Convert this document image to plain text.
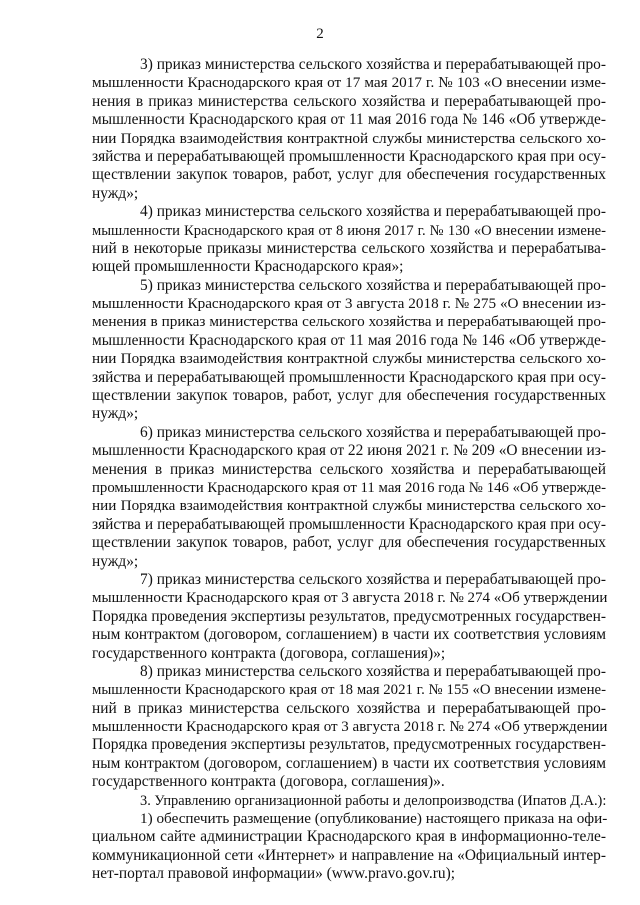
2
3) приказ министерства сельского хозяйства и перерабатывающей про-
мышленности Краснодарского края от 17 мая 2017 г. № 103 «О внесении изме-
нения в приказ министерства сельского хозяйства и перерабатывающей про-
мышленности Краснодарского края от 11 мая 2016 года № 146 «Об утвержде-
нии Порядка взаимодействия контрактной службы министерства сельского хо-
зяйства и перерабатывающей промышленности Краснодарского края при осу-
ществлении закупок товаров, работ, услуг для обеспечения государственных
нужд»;
4) приказ министерства сельского хозяйства и перерабатывающей про-
мышленности Краснодарского края от 8 июня 2017 г. № 130 «О внесении измене-
ний в некоторые приказы министерства сельского хозяйства и перерабатыва-
ющей промышленности Краснодарского края»;
5) приказ министерства сельского хозяйства и перерабатывающей про-
мышленности Краснодарского края от 3 августа 2018 г. № 275 «О внесении из-
менения в приказ министерства сельского хозяйства и перерабатывающей про-
мышленности Краснодарского края от 11 мая 2016 года № 146 «Об утвержде-
нии Порядка взаимодействия контрактной службы министерства сельского хо-
зяйства и перерабатывающей промышленности Краснодарского края при осу-
ществлении закупок товаров, работ, услуг для обеспечения государственных
нужд»;
6) приказ министерства сельского хозяйства и перерабатывающей про-
мышленности Краснодарского края от 22 июня 2021 г. № 209 «О внесении из-
менения в приказ министерства сельского хозяйства и перерабатывающей
промышленности Краснодарского края от 11 мая 2016 года № 146 «Об утвержде-
нии Порядка взаимодействия контрактной службы министерства сельского хо-
зяйства и перерабатывающей промышленности Краснодарского края при осу-
ществлении закупок товаров, работ, услуг для обеспечения государственных
нужд»;
7) приказ министерства сельского хозяйства и перерабатывающей про-
мышленности Краснодарского края от 3 августа 2018 г. № 274 «Об утверждении
Порядка проведения экспертизы результатов, предусмотренных государствен-
ным контрактом (договором, соглашением) в части их соответствия условиям
государственного контракта (договора, соглашения)»;
8) приказ министерства сельского хозяйства и перерабатывающей про-
мышленности Краснодарского края от 18 мая 2021 г. № 155 «О внесении измене-
ний в приказ министерства сельского хозяйства и перерабатывающей про-
мышленности Краснодарского края от 3 августа 2018 г. № 274 «Об утверждении
Порядка проведения экспертизы результатов, предусмотренных государствен-
ным контрактом (договором, соглашением) в части их соответствия условиям
государственного контракта (договора, соглашения)».
3. Управлению организационной работы и делопроизводства (Ипатов Д.А.):
1) обеспечить размещение (опубликование) настоящего приказа на офи-
циальном сайте администрации Краснодарского края в информационно-теле-
коммуникационной сети «Интернет» и направление на «Официальный интер-
нет-портал правовой информации» (www.pravo.gov.ru);
